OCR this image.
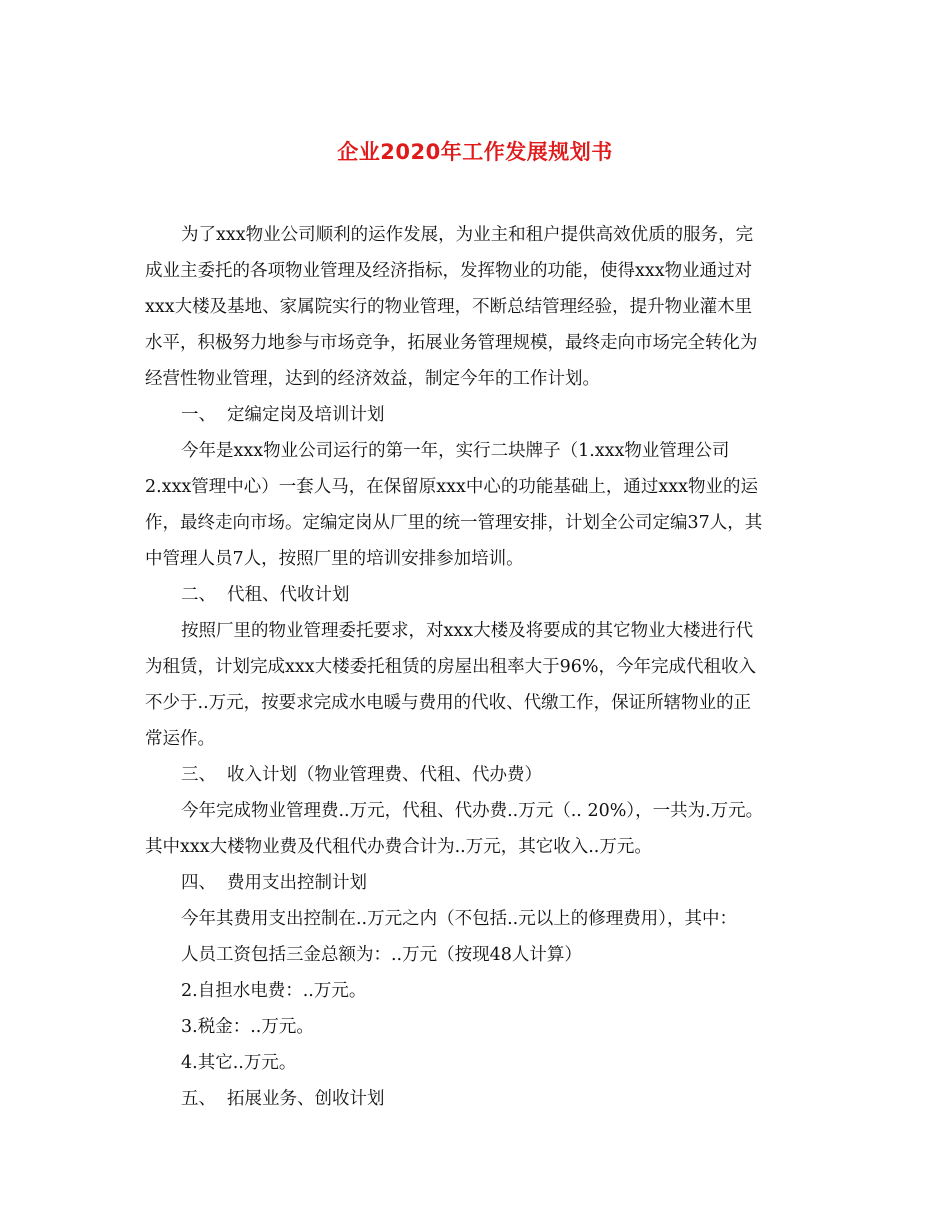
企业2020年工作发展规划书
为了xxx物业公司顺利的运作发展，为业主和租户提供高效优质的服务，完
成业主委托的各项物业管理及经济指标，发挥物业的功能，使得xxx物业通过对
xxx大楼及基地、家属院实行的物业管理，不断总结管理经验，提升物业灌木里
水平，积极努力地参与市场竞争，拓展业务管理规模，最终走向市场完全转化为
经营性物业管理，达到的经济效益，制定今年的工作计划。
一、 定编定岗及培训计划
今年是xxx物业公司运行的第一年，实行二块牌子（1.xxx物业管理公司
2.xxx管理中心）一套人马，在保留原xxx中心的功能基础上，通过xxx物业的运
作，最终走向市场。定编定岗从厂里的统一管理安排，计划全公司定编37人，其
中管理人员7人，按照厂里的培训安排参加培训。
二、 代租、代收计划
按照厂里的物业管理委托要求，对xxx大楼及将要成的其它物业大楼进行代
为租赁，计划完成xxx大楼委托租赁的房屋出租率大于96%，今年完成代租收入
不少于..万元，按要求完成水电暖与费用的代收、代缴工作，保证所辖物业的正
常运作。
三、 收入计划（物业管理费、代租、代办费）
今年完成物业管理费..万元，代租、代办费..万元（.. 20%），一共为.万元。
其中xxx大楼物业费及代租代办费合计为..万元，其它收入..万元。
四、 费用支出控制计划
今年其费用支出控制在..万元之内（不包括..元以上的修理费用），其中：
人员工资包括三金总额为：..万元（按现48人计算）
2.自担水电费：..万元。
3.税金：..万元。
4.其它..万元。
五、 拓展业务、创收计划
